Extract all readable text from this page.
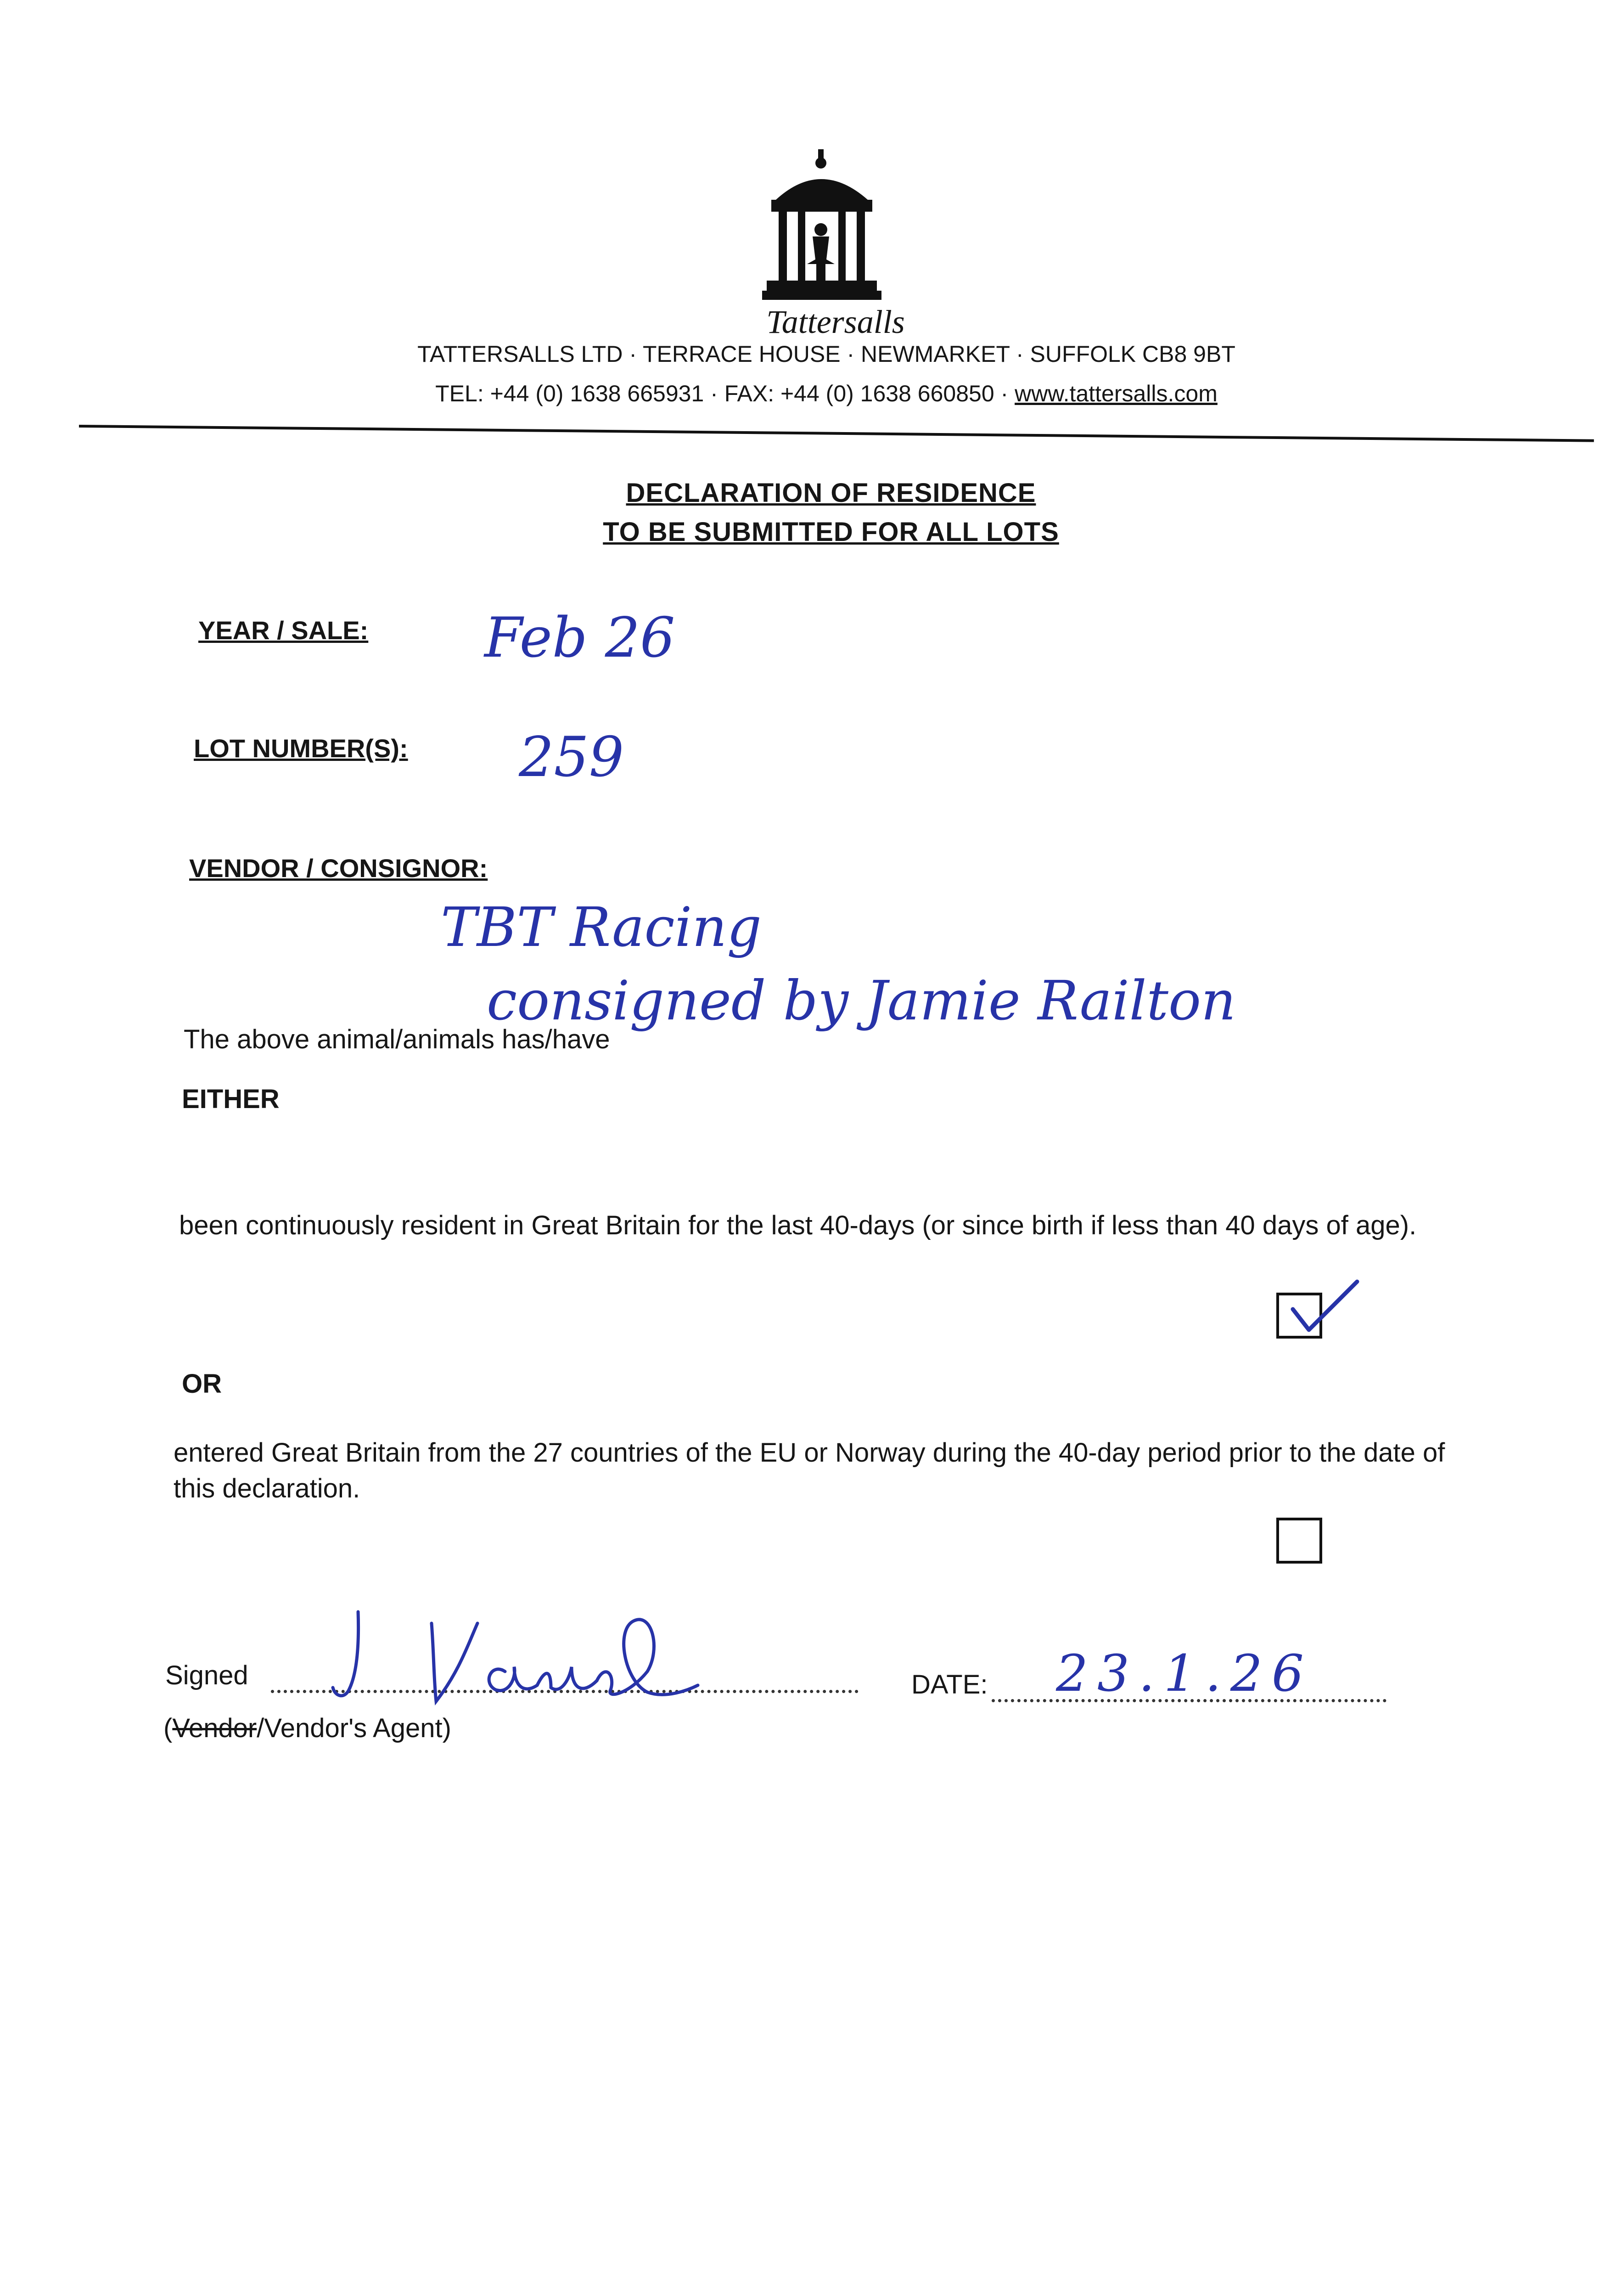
Tattersalls
TATTERSALLS LTD · TERRACE HOUSE · NEWMARKET · SUFFOLK CB8 9BT
TEL: +44 (0) 1638 665931 · FAX: +44 (0) 1638 660850 · www.tattersalls.com
DECLARATION OF RESIDENCE
TO BE SUBMITTED FOR ALL LOTS
YEAR / SALE: Feb 26
LOT NUMBER(S): 259
VENDOR / CONSIGNOR:
TBT Racing
consigned by Jamie Railton
The above animal/animals has/have
EITHER
been continuously resident in Great Britain for the last 40-days (or since birth if less than 40 days of age).
OR
entered Great Britain from the 27 countries of the EU or Norway during the 40-day period prior to the date of this declaration.
Signed	DATE: 23.1.26
(Vendor/Vendor's Agent)
